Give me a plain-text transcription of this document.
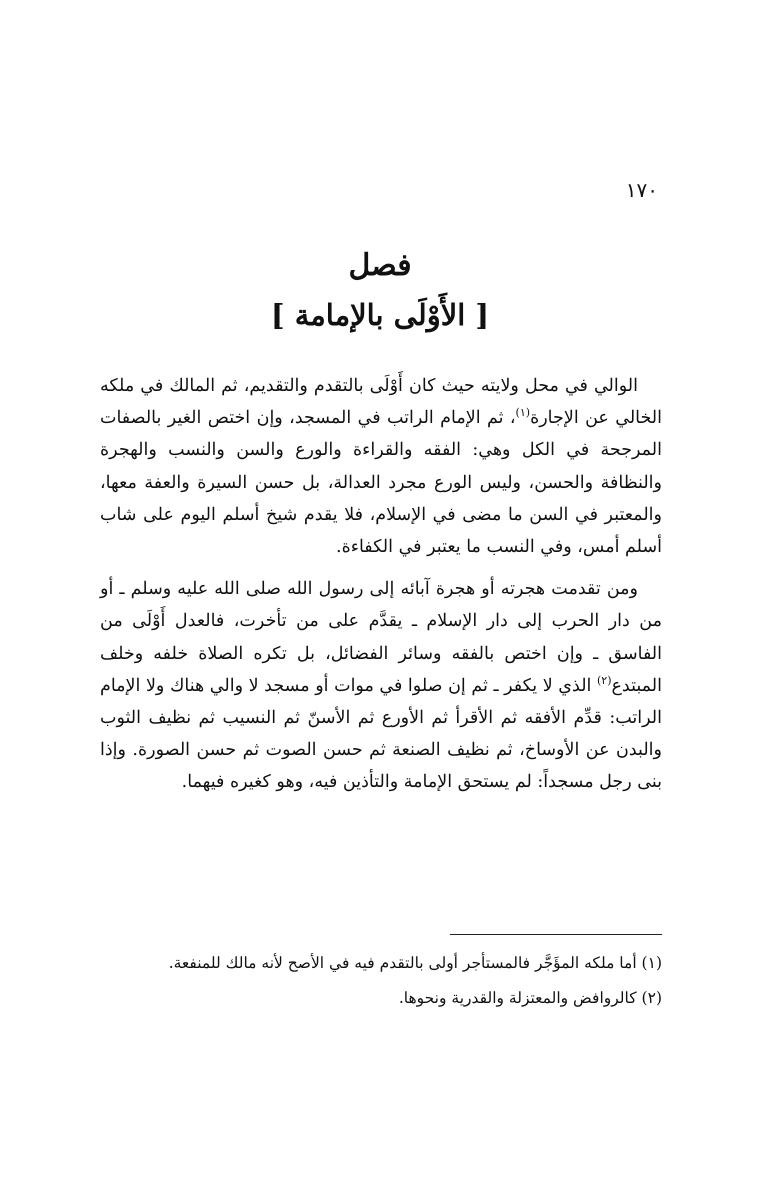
١٧٠
فصل
[ الأَوْلَى بالإمامة ]

الوالي في محل ولايته حيث كان أَوْلَى بالتقدم والتقديم، ثم المالك في ملكه الخالي عن الإجارة$^{(١)}$، ثم الإمام الراتب في المسجد، وإن اختص الغير بالصفات المرجحة في الكل وهي: الفقه والقراءة والورع والسن والنسب والهجرة والنظافة والحسن، وليس الورع مجرد العدالة، بل حسن السيرة والعفة معها، والمعتبر في السن ما مضى في الإسلام، فلا يقدم شيخ أسلم اليوم على شاب أسلم أمس، وفي النسب ما يعتبر في الكفاءة.

ومن تقدمت هجرته أو هجرة آبائه إلى رسول الله صلى الله عليه وسلم ـ أو من دار الحرب إلى دار الإسلام ـ يقدَّم على من تأخرت، فالعدل أَوْلَى من الفاسق ـ وإن اختص بالفقه وسائر الفضائل، بل تكره الصلاة خلفه وخلف المبتدع$^{(٢)}$ الذي لا يكفر ـ ثم إن صلوا في موات أو مسجد لا والي هناك ولا الإمام الراتب: قدِّم الأفقه ثم الأقرأ ثم الأورع ثم الأسنّ ثم النسيب ثم نظيف الثوب والبدن عن الأوساخ، ثم نظيف الصنعة ثم حسن الصوت ثم حسن الصورة. وإذا بنى رجل مسجداً: لم يستحق الإمامة والتأذين فيه، وهو كغيره فيهما.

(١) أما ملكه المؤَجَّر فالمستأجر أولى بالتقدم فيه في الأصح لأنه مالك للمنفعة.

(٢) كالروافض والمعتزلة والقدرية ونحوها.
